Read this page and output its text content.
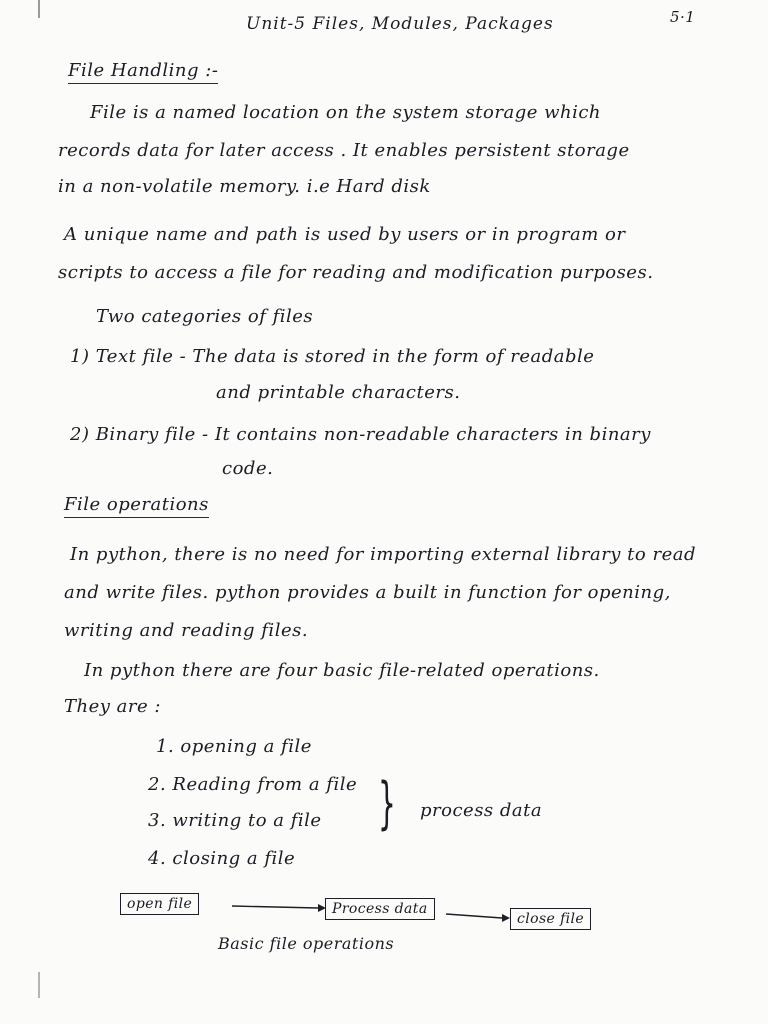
Unit-5 Files, Modules, Packages	5·1
File Handling :-
File is a named location on the system storage which
records data for later access . It enables persistent storage
in a non-volatile memory. i.e Hard disk
A unique name and path is used by users or in program or
scripts to access a file for reading and modification purposes.
Two categories of files
1) Text file - The data is stored in the form of readable
and printable characters.
2) Binary file - It contains non-readable characters in binary
code.
File operations
In python, there is no need for importing external library to read
and write files. python provides a built in function for opening,
writing and reading files.
In python there are four basic file-related operations.
They are :
1. opening a file
2. Reading from a file
3. writing to a file
4. closing a file
} process data
open file	Process data
close file
Basic file operations
